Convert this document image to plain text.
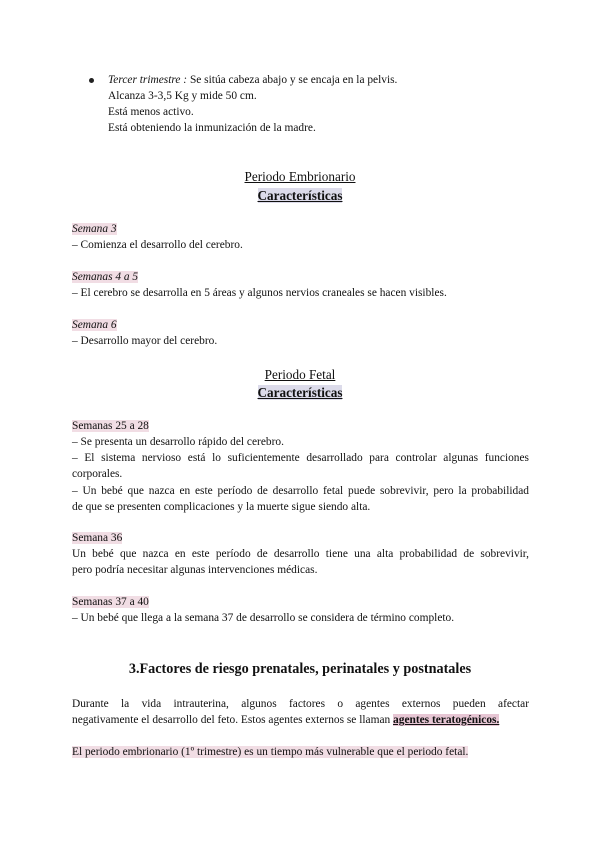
Tercer trimestre : Se sitúa cabeza abajo y se encaja en la pelvis.
Alcanza 3-3,5 Kg y mide 50 cm.
Está menos activo.
Está obteniendo la inmunización de la madre.
Periodo Embrionario
Características
Semana 3
– Comienza el desarrollo del cerebro.
Semanas 4 a 5
– El cerebro se desarrolla en 5 áreas y algunos nervios craneales se hacen visibles.
Semana 6
– Desarrollo mayor del cerebro.
Periodo Fetal
Características
Semanas 25 a 28
– Se presenta un desarrollo rápido del cerebro.
– El sistema nervioso está lo suficientemente desarrollado para controlar algunas funciones
corporales.
– Un bebé que nazca en este período de desarrollo fetal puede sobrevivir, pero la probabilidad
de que se presenten complicaciones y la muerte sigue siendo alta.
Semana 36
Un bebé que nazca en este período de desarrollo tiene una alta probabilidad de sobrevivir,
pero podría necesitar algunas intervenciones médicas.
Semanas 37 a 40
– Un bebé que llega a la semana 37 de desarrollo se considera de término completo.
3.Factores de riesgo prenatales, perinatales y postnatales
Durante la vida intrauterina, algunos factores o agentes externos pueden afectar
negativamente el desarrollo del feto. Estos agentes externos se llaman agentes teratogénicos.
El periodo embrionario (1º trimestre) es un tiempo más vulnerable que el periodo fetal.
